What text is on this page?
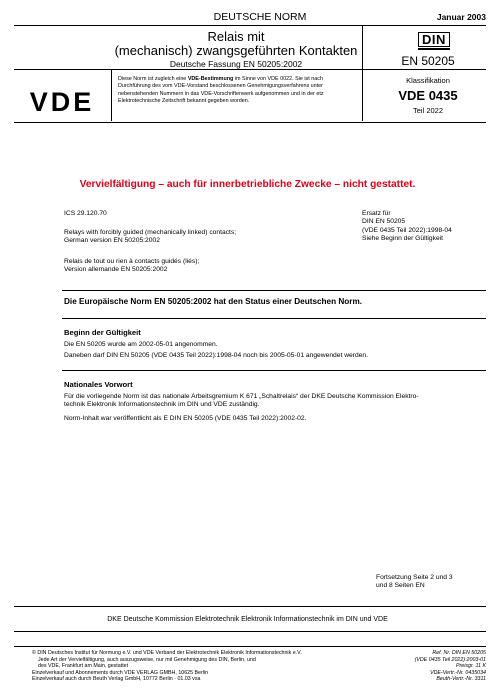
DEUTSCHE NORM	Januar 2003
Relais mit
(mechanisch) zwangsgeführten Kontakten
Deutsche Fassung EN 50205:2002
DIN
EN 50205
VDE
Diese Norm ist zugleich eine VDE-Bestimmung im Sinne von VDE 0022. Sie ist nach Durchführung des vom VDE-Vorstand beschlossenen Genehmigungsverfahrens unter nebenstehenden Nummern in das VDE-Vorschriftenwerk aufgenommen und in der etz Elektrotechnische Zeitschrift bekannt gegeben worden.
Klassifikation
VDE 0435
Teil 2022
Vervielfältigung – auch für innerbetriebliche Zwecke – nicht gestattet.
ICS 29.120.70
Relays with forcibly guided (mechanically linked) contacts;
German version EN 50205:2002
Relais de tout ou rien à contacts guidés (liés);
Version allemande EN 50205:2002
Ersatz für
DIN EN 50205
(VDE 0435 Teil 2022):1998-04
Siehe Beginn der Gültigkeit
Die Europäische Norm EN 50205:2002 hat den Status einer Deutschen Norm.
Beginn der Gültigkeit
Die EN 50205 wurde am 2002-05-01 angenommen.
Daneben darf DIN EN 50205 (VDE 0435 Teil 2022):1998-04 noch bis 2005-05-01 angewendet werden.
Nationales Vorwort
Für die vorliegende Norm ist das nationale Arbeitsgremium K 671 „Schaltrelais“ der DKE Deutsche Kommission Elektro-
technik Elektronik Informationstechnik im DIN und VDE zuständig.
Norm-Inhalt war veröffentlicht als E DIN EN 50205 (VDE 0435 Teil 2022):2002-02.
Fortsetzung Seite 2 und 3
und 8 Seiten EN
DKE Deutsche Kommission Elektrotechnik Elektronik Informationstechnik im DIN und VDE
© DIN Deutsches Institut für Normung e.V. und VDE Verband der Elektrotechnik Elektronik Informationstechnik e.V.
Jede Art der Vervielfältigung, auch auszugsweise, nur mit Genehmigung des DIN, Berlin, und
des VDE, Frankfurt am Main, gestattet
Einzelverkauf und Abonnements durch VDE VERLAG GMBH, 10625 Berlin
Einzelverkauf auch durch Beuth Verlag GmbH, 10772 Berlin · 01.03 vsa
Ref. Nr. DIN EN 50205
(VDE 0435 Teil 2022):2003-01
Preisgr. 11 K
VDE-Vertr.-Nr. 0435034
Beuth-Vertr.-Nr. 3311
